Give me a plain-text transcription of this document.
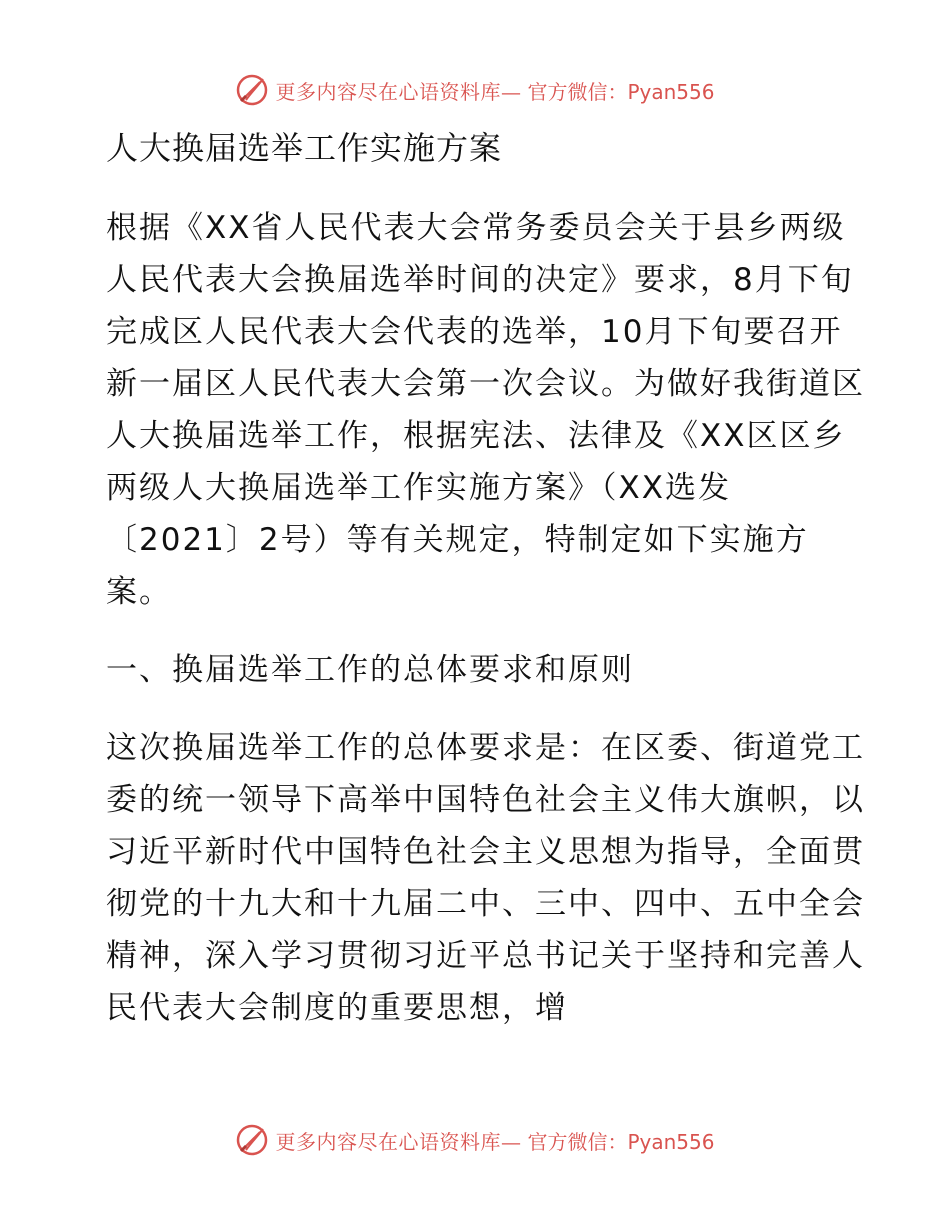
更多内容尽在心语资料库— 官方微信：Pyan556
人大换届选举工作实施方案

根据《XX省人民代表大会常务委员会关于县乡两级人民代表大会换届选举时间的决定》要求，8月下旬完成区人民代表大会代表的选举，10月下旬要召开新一届区人民代表大会第一次会议。为做好我街道区人大换届选举工作，根据宪法、法律及《XX区区乡两级人大换届选举工作实施方案》（XX选发〔2021〕2号）等有关规定，特制定如下实施方案。

一、换届选举工作的总体要求和原则

这次换届选举工作的总体要求是：在区委、街道党工委的统一领导下高举中国特色社会主义伟大旗帜，以习近平新时代中国特色社会主义思想为指导，全面贯彻党的十九大和十九届二中、三中、四中、五中全会精神，深入学习贯彻习近平总书记关于坚持和完善人民代表大会制度的重要思想，增

更多内容尽在心语资料库— 官方微信：Pyan556
